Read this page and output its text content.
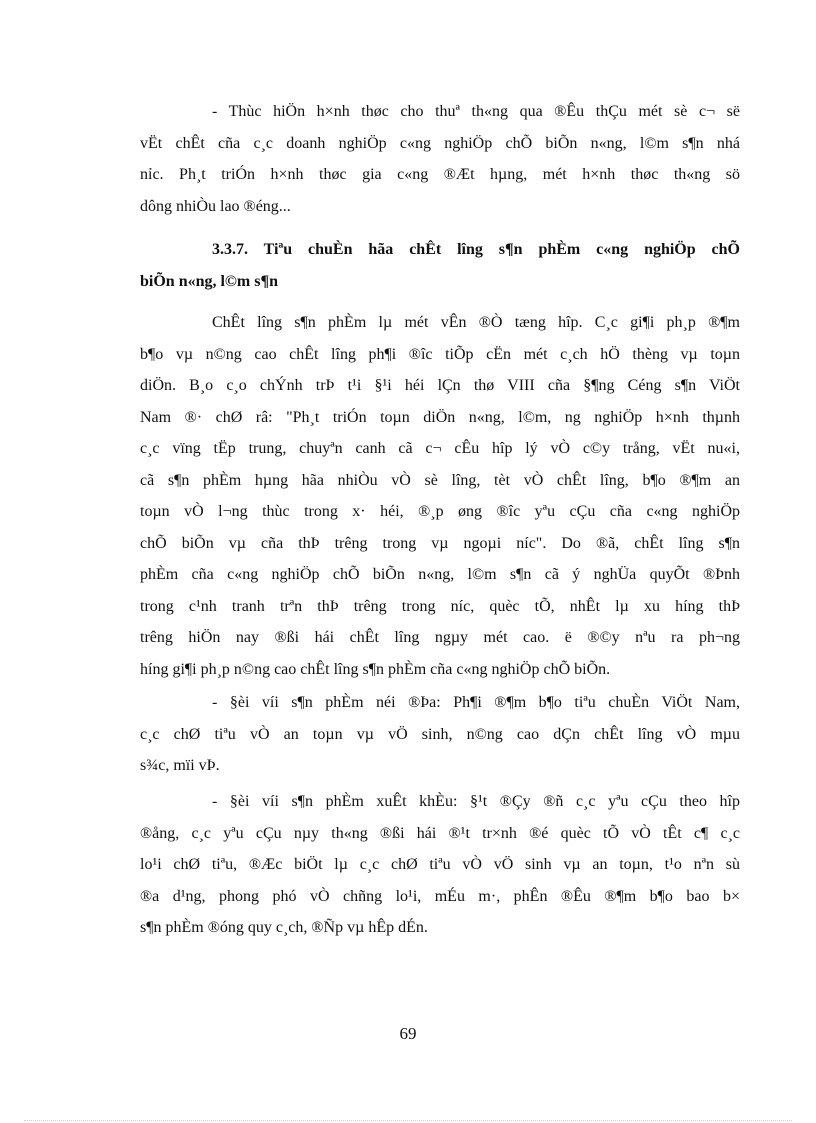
- Thùc hiÖn h×nh thøc cho thuª th«ng qua ®Êu thÇu mét sè c¬ së
vËt chÊt cña c¸c doanh nghiÖp c«ng nghiÖp chÕ biÕn n«ng, l©m s¶n nhá
nỉc. Ph¸t triÓn h×nh thøc gia c«ng ®Æt hµng, mét h×nh thøc th«ng sö
dông nhiÒu lao ®éng...
3.3.7. Tiªu chuÈn hãa chÊt lîng s¶n phÈm c«ng nghiÖp chÕ
biÕn n«ng, l©m s¶n
ChÊt lîng s¶n phÈm lµ mét vÊn ®Ò tæng hîp. C¸c gi¶i ph¸p ®¶m
b¶o vµ n©ng cao chÊt lîng ph¶i ®îc tiÕp cËn mét c¸ch hÖ thèng vµ toµn
diÖn. B¸o c¸o chÝnh trÞ t¹i §¹i héi lÇn thø VIII cña §¶ng Céng s¶n ViÖt
Nam ®· chØ râ: "Ph¸t triÓn toµn diÖn n«ng, l©m, ng nghiÖp h×nh thµnh
c¸c vïng tËp trung, chuyªn canh cã c¬ cÊu hîp lý vÒ c©y trång, vËt nu«i,
cã s¶n phÈm hµng hãa nhiÒu vÒ sè lîng, tèt vÒ chÊt lîng, b¶o ®¶m an
toµn vÒ l¬ng thùc trong x· héi, ®¸p øng ®îc yªu cÇu cña c«ng nghiÖp
chÕ biÕn vµ cña thÞ trêng trong vµ ngoµi níc". Do ®ã, chÊt lîng s¶n
phÈm cña c«ng nghiÖp chÕ biÕn n«ng, l©m s¶n cã ý nghÜa quyÕt ®Þnh
trong c¹nh tranh trªn thÞ trêng trong níc, quèc tÕ, nhÊt lµ xu híng thÞ
trêng hiÖn nay ®ßi hái chÊt lîng ngµy mét cao. ë ®©y nªu ra ph¬ng
híng gi¶i ph¸p n©ng cao chÊt lîng s¶n phÈm cña c«ng nghiÖp chÕ biÕn.
- §èi víi s¶n phÈm néi ®Þa: Ph¶i ®¶m b¶o tiªu chuÈn ViÖt Nam,
c¸c chØ tiªu vÒ an toµn vµ vÖ sinh, n©ng cao dÇn chÊt lîng vÒ mµu
s¾c, mïi vÞ.
- §èi víi s¶n phÈm xuÊt khÈu: §¹t ®Çy ®ñ c¸c yªu cÇu theo hîp
®ång, c¸c yªu cÇu nµy th«ng ®ßi hái ®¹t tr×nh ®é quèc tÕ vÒ tÊt c¶ c¸c
lo¹i chØ tiªu, ®Æc biÖt lµ c¸c chØ tiªu vÒ vÖ sinh vµ an toµn, t¹o nªn sù
®a d¹ng, phong phó vÒ chñng lo¹i, mÉu m·, phÊn ®Êu ®¶m b¶o bao b×
s¶n phÈm ®óng quy c¸ch, ®Ñp vµ hÊp dÉn.
69
